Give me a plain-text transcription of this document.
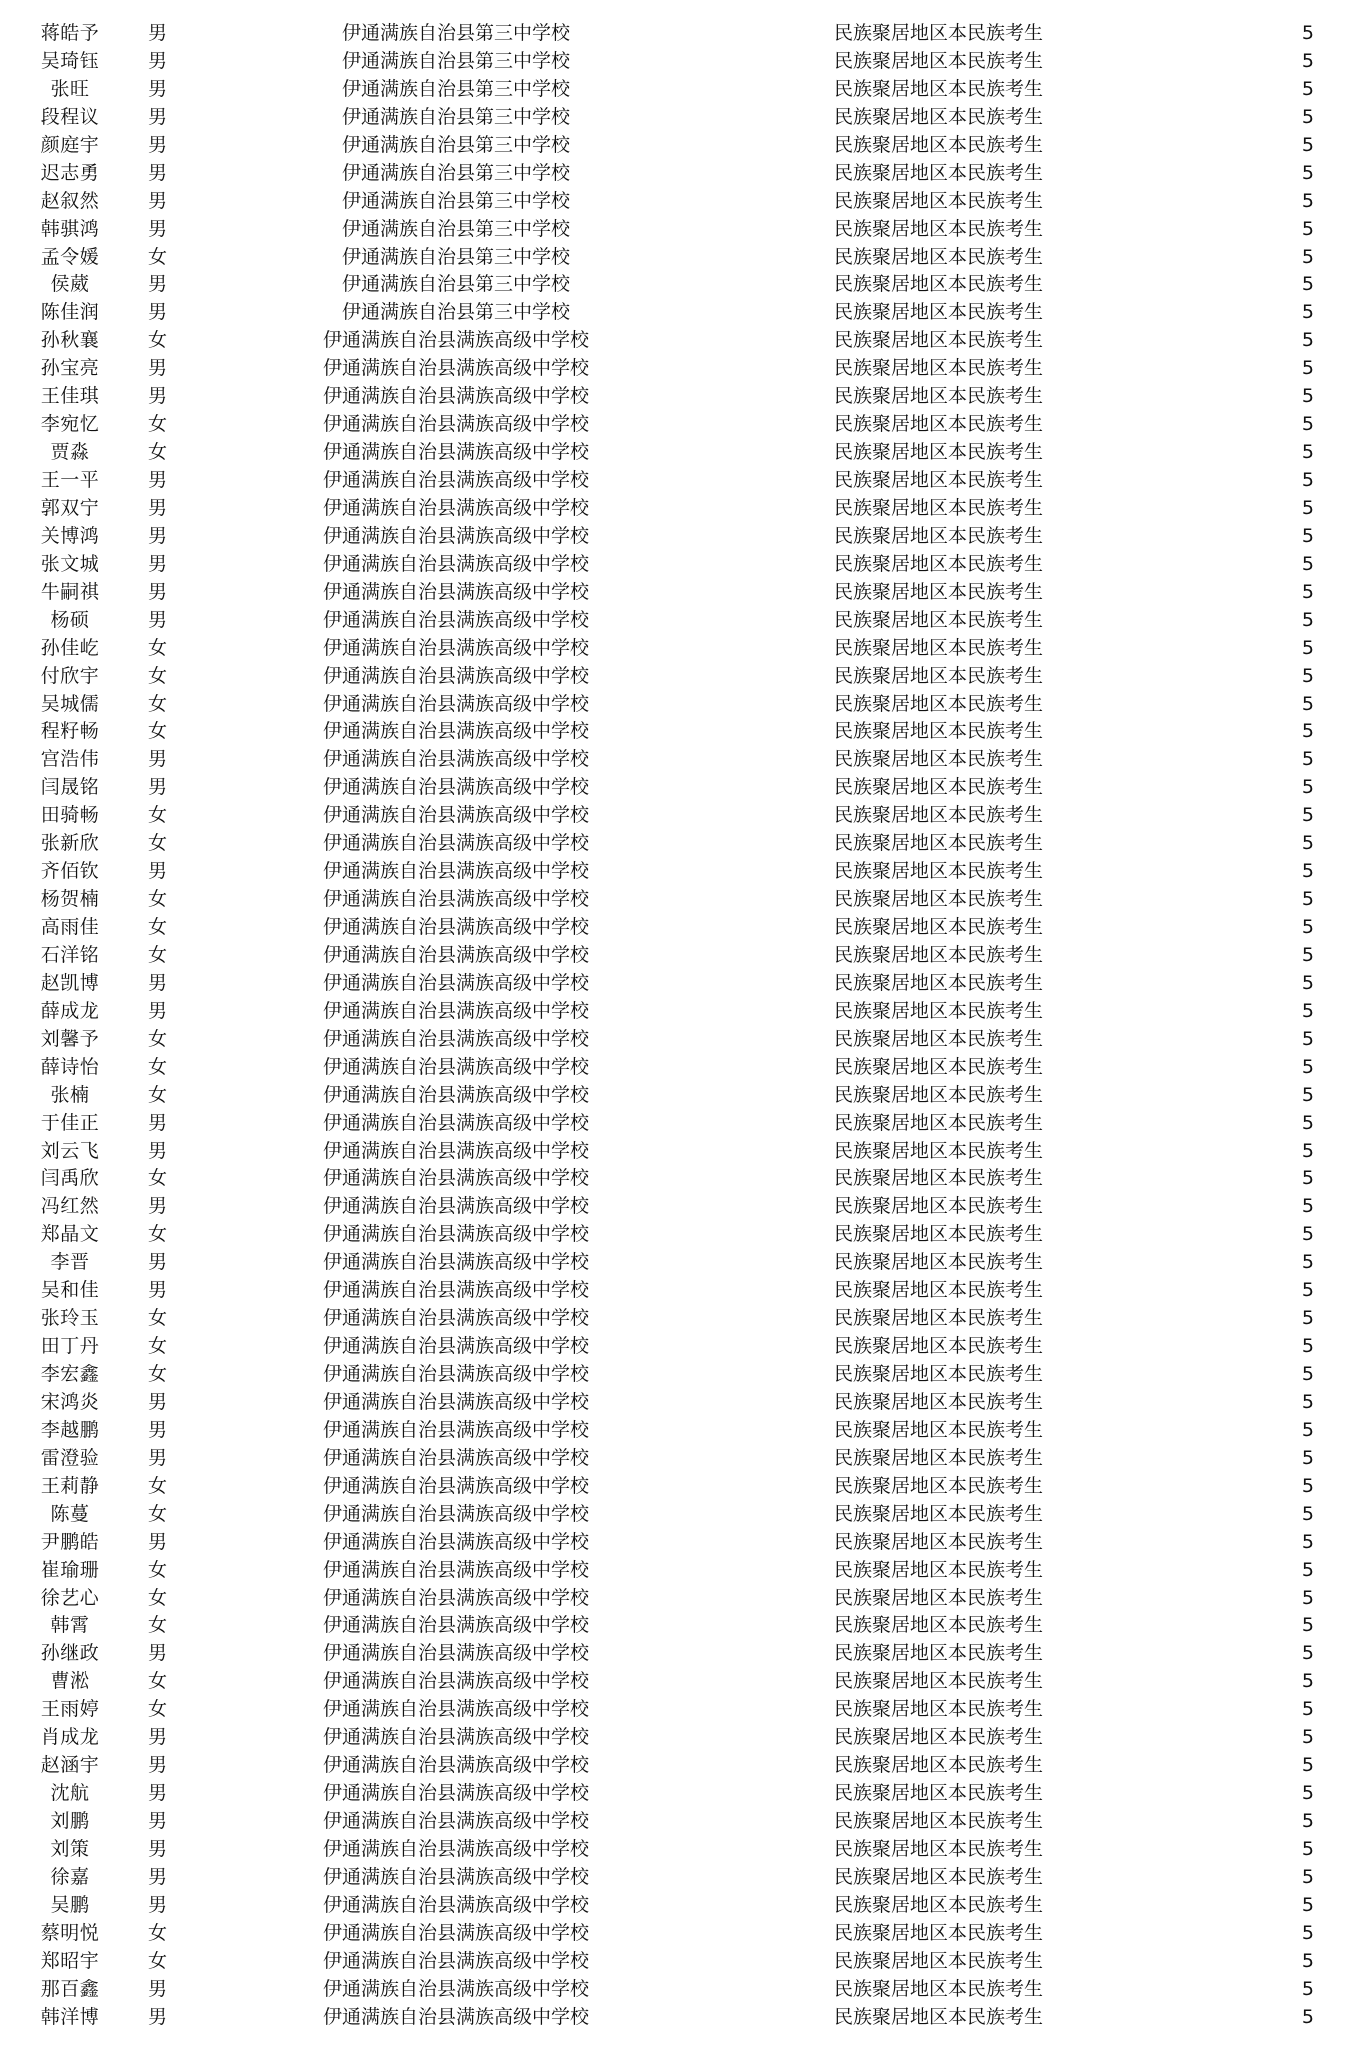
蒋皓予	男	伊通满族自治县第三中学校	民族聚居地区本民族考生	5
吴琦钰	男	伊通满族自治县第三中学校	民族聚居地区本民族考生	5
张旺	男	伊通满族自治县第三中学校	民族聚居地区本民族考生	5
段程议	男	伊通满族自治县第三中学校	民族聚居地区本民族考生	5
颜庭宇	男	伊通满族自治县第三中学校	民族聚居地区本民族考生	5
迟志勇	男	伊通满族自治县第三中学校	民族聚居地区本民族考生	5
赵叙然	男	伊通满族自治县第三中学校	民族聚居地区本民族考生	5
韩骐鸿	男	伊通满族自治县第三中学校	民族聚居地区本民族考生	5
孟令媛	女	伊通满族自治县第三中学校	民族聚居地区本民族考生	5
侯葳	男	伊通满族自治县第三中学校	民族聚居地区本民族考生	5
陈佳润	男	伊通满族自治县第三中学校	民族聚居地区本民族考生	5
孙秋襄	女	伊通满族自治县满族高级中学校	民族聚居地区本民族考生	5
孙宝亮	男	伊通满族自治县满族高级中学校	民族聚居地区本民族考生	5
王佳琪	男	伊通满族自治县满族高级中学校	民族聚居地区本民族考生	5
李宛忆	女	伊通满族自治县满族高级中学校	民族聚居地区本民族考生	5
贾淼	女	伊通满族自治县满族高级中学校	民族聚居地区本民族考生	5
王一平	男	伊通满族自治县满族高级中学校	民族聚居地区本民族考生	5
郭双宁	男	伊通满族自治县满族高级中学校	民族聚居地区本民族考生	5
关博鸿	男	伊通满族自治县满族高级中学校	民族聚居地区本民族考生	5
张文城	男	伊通满族自治县满族高级中学校	民族聚居地区本民族考生	5
牛嗣祺	男	伊通满族自治县满族高级中学校	民族聚居地区本民族考生	5
杨硕	男	伊通满族自治县满族高级中学校	民族聚居地区本民族考生	5
孙佳屹	女	伊通满族自治县满族高级中学校	民族聚居地区本民族考生	5
付欣宇	女	伊通满族自治县满族高级中学校	民族聚居地区本民族考生	5
吴城儒	女	伊通满族自治县满族高级中学校	民族聚居地区本民族考生	5
程籽畅	女	伊通满族自治县满族高级中学校	民族聚居地区本民族考生	5
宫浩伟	男	伊通满族自治县满族高级中学校	民族聚居地区本民族考生	5
闫晟铭	男	伊通满族自治县满族高级中学校	民族聚居地区本民族考生	5
田骑畅	女	伊通满族自治县满族高级中学校	民族聚居地区本民族考生	5
张新欣	女	伊通满族自治县满族高级中学校	民族聚居地区本民族考生	5
齐佰钦	男	伊通满族自治县满族高级中学校	民族聚居地区本民族考生	5
杨贺楠	女	伊通满族自治县满族高级中学校	民族聚居地区本民族考生	5
高雨佳	女	伊通满族自治县满族高级中学校	民族聚居地区本民族考生	5
石洋铭	女	伊通满族自治县满族高级中学校	民族聚居地区本民族考生	5
赵凯博	男	伊通满族自治县满族高级中学校	民族聚居地区本民族考生	5
薛成龙	男	伊通满族自治县满族高级中学校	民族聚居地区本民族考生	5
刘馨予	女	伊通满族自治县满族高级中学校	民族聚居地区本民族考生	5
薛诗怡	女	伊通满族自治县满族高级中学校	民族聚居地区本民族考生	5
张楠	女	伊通满族自治县满族高级中学校	民族聚居地区本民族考生	5
于佳正	男	伊通满族自治县满族高级中学校	民族聚居地区本民族考生	5
刘云飞	男	伊通满族自治县满族高级中学校	民族聚居地区本民族考生	5
闫禹欣	女	伊通满族自治县满族高级中学校	民族聚居地区本民族考生	5
冯红然	男	伊通满族自治县满族高级中学校	民族聚居地区本民族考生	5
郑晶文	女	伊通满族自治县满族高级中学校	民族聚居地区本民族考生	5
李晋	男	伊通满族自治县满族高级中学校	民族聚居地区本民族考生	5
吴和佳	男	伊通满族自治县满族高级中学校	民族聚居地区本民族考生	5
张玲玉	女	伊通满族自治县满族高级中学校	民族聚居地区本民族考生	5
田丁丹	女	伊通满族自治县满族高级中学校	民族聚居地区本民族考生	5
李宏鑫	女	伊通满族自治县满族高级中学校	民族聚居地区本民族考生	5
宋鸿炎	男	伊通满族自治县满族高级中学校	民族聚居地区本民族考生	5
李越鹏	男	伊通满族自治县满族高级中学校	民族聚居地区本民族考生	5
雷澄验	男	伊通满族自治县满族高级中学校	民族聚居地区本民族考生	5
王莉静	女	伊通满族自治县满族高级中学校	民族聚居地区本民族考生	5
陈蔓	女	伊通满族自治县满族高级中学校	民族聚居地区本民族考生	5
尹鹏皓	男	伊通满族自治县满族高级中学校	民族聚居地区本民族考生	5
崔瑜珊	女	伊通满族自治县满族高级中学校	民族聚居地区本民族考生	5
徐艺心	女	伊通满族自治县满族高级中学校	民族聚居地区本民族考生	5
韩霄	女	伊通满族自治县满族高级中学校	民族聚居地区本民族考生	5
孙继政	男	伊通满族自治县满族高级中学校	民族聚居地区本民族考生	5
曹淞	女	伊通满族自治县满族高级中学校	民族聚居地区本民族考生	5
王雨婷	女	伊通满族自治县满族高级中学校	民族聚居地区本民族考生	5
肖成龙	男	伊通满族自治县满族高级中学校	民族聚居地区本民族考生	5
赵涵宇	男	伊通满族自治县满族高级中学校	民族聚居地区本民族考生	5
沈航	男	伊通满族自治县满族高级中学校	民族聚居地区本民族考生	5
刘鹏	男	伊通满族自治县满族高级中学校	民族聚居地区本民族考生	5
刘策	男	伊通满族自治县满族高级中学校	民族聚居地区本民族考生	5
徐嘉	男	伊通满族自治县满族高级中学校	民族聚居地区本民族考生	5
吴鹏	男	伊通满族自治县满族高级中学校	民族聚居地区本民族考生	5
蔡明悦	女	伊通满族自治县满族高级中学校	民族聚居地区本民族考生	5
郑昭宇	女	伊通满族自治县满族高级中学校	民族聚居地区本民族考生	5
那百鑫	男	伊通满族自治县满族高级中学校	民族聚居地区本民族考生	5
韩洋博	男	伊通满族自治县满族高级中学校	民族聚居地区本民族考生	5
